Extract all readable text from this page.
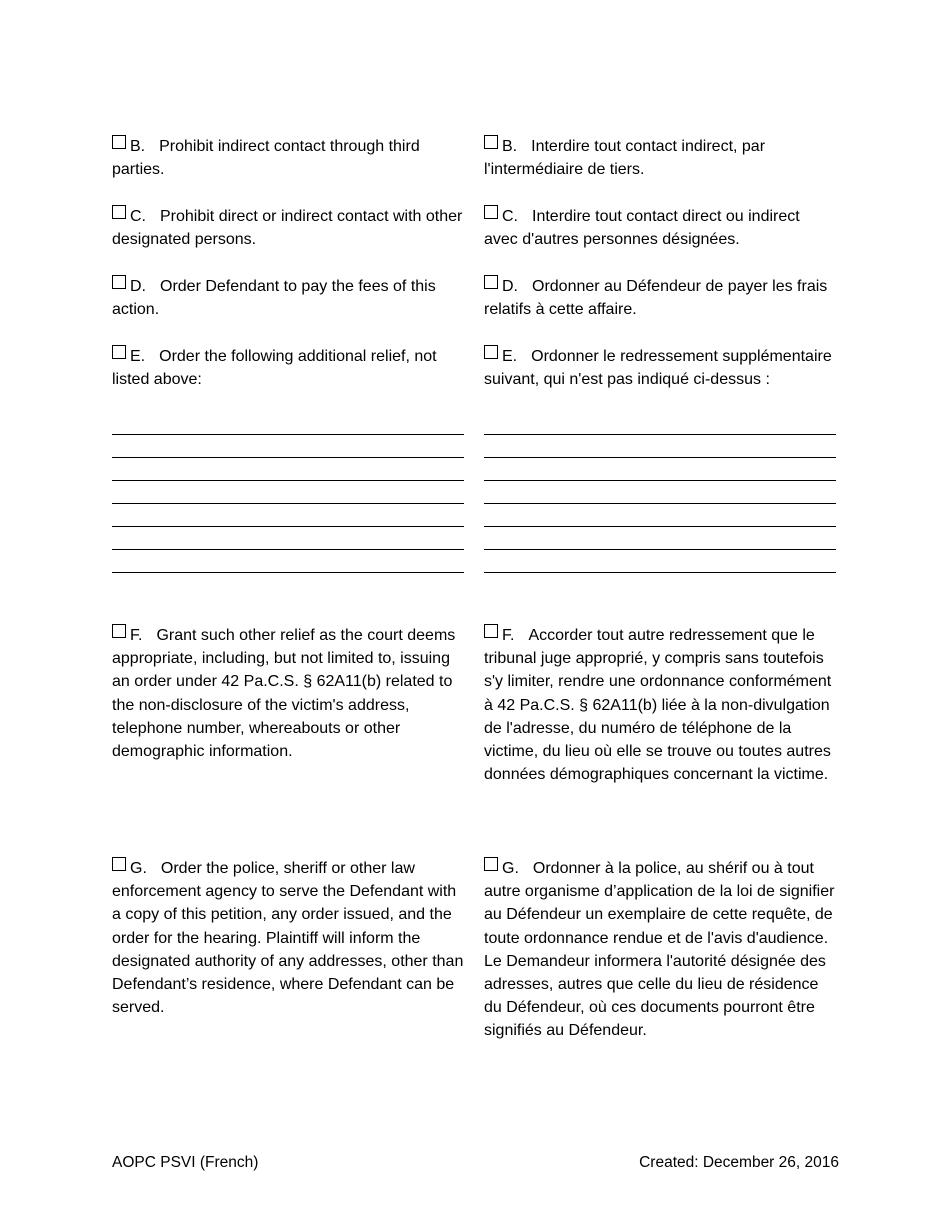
B. Prohibit indirect contact through third parties.
B. Interdire tout contact indirect, par l'intermédiaire de tiers.
C. Prohibit direct or indirect contact with other designated persons.
C. Interdire tout contact direct ou indirect avec d'autres personnes désignées.
D. Order Defendant to pay the fees of this action.
D. Ordonner au Défendeur de payer les frais relatifs à cette affaire.
E. Order the following additional relief, not listed above:
E. Ordonner le redressement supplémentaire suivant, qui n'est pas indiqué ci-dessus :
F. Grant such other relief as the court deems appropriate, including, but not limited to, issuing an order under 42 Pa.C.S. § 62A11(b) related to the non-disclosure of the victim's address, telephone number, whereabouts or other demographic information.
F. Accorder tout autre redressement que le tribunal juge approprié, y compris sans toutefois s'y limiter, rendre une ordonnance conformément à 42 Pa.C.S. § 62A11(b) liée à la non-divulgation de l'adresse, du numéro de téléphone de la victime, du lieu où elle se trouve ou toutes autres données démographiques concernant la victime.
G. Order the police, sheriff or other law enforcement agency to serve the Defendant with a copy of this petition, any order issued, and the order for the hearing. Plaintiff will inform the designated authority of any addresses, other than Defendant’s residence, where Defendant can be served.
G. Ordonner à la police, au shérif ou à tout autre organisme d’application de la loi de signifier au Défendeur un exemplaire de cette requête, de toute ordonnance rendue et de l'avis d'audience. Le Demandeur informera l'autorité désignée des adresses, autres que celle du lieu de résidence du Défendeur, où ces documents pourront être signifiés au Défendeur.
AOPC PSVI (French)	Created: December 26, 2016
